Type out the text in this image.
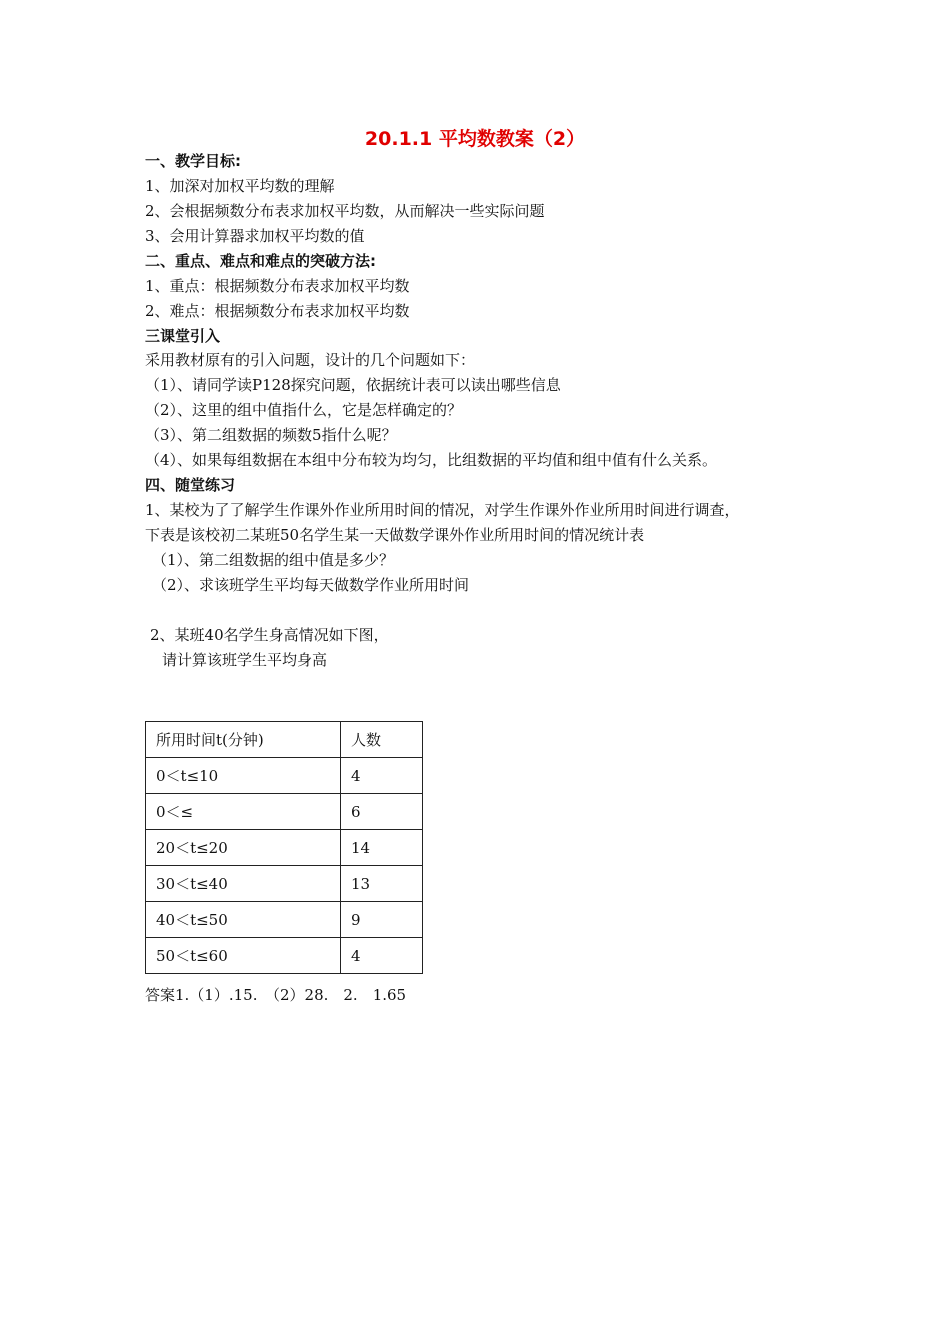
20.1.1 平均数教案（2）
一、教学目标:
1、加深对加权平均数的理解
2、会根据频数分布表求加权平均数，从而解决一些实际问题
3、会用计算器求加权平均数的值
二、重点、难点和难点的突破方法:
1、重点：根据频数分布表求加权平均数
2、难点：根据频数分布表求加权平均数
三课堂引入
采用教材原有的引入问题，设计的几个问题如下：
（1）、请同学读P128探究问题，依据统计表可以读出哪些信息
（2）、这里的组中值指什么，它是怎样确定的？
（3）、第二组数据的频数5指什么呢？
（4）、如果每组数据在本组中分布较为均匀，比组数据的平均值和组中值有什么关系。
四、随堂练习
1、某校为了了解学生作课外作业所用时间的情况，对学生作课外作业所用时间进行调查，
下表是该校初二某班50名学生某一天做数学课外作业所用时间的情况统计表
（1）、第二组数据的组中值是多少？
（2）、求该班学生平均每天做数学作业所用时间
2、某班40名学生身高情况如下图，
请计算该班学生平均身高
所用时间t(分钟)	人数
0＜t≤10	4
0＜≤	6
20＜t≤20	14
30＜t≤40	13
40＜t≤50	9
50＜t≤60	4
答案1.（1）.15.　（2）28.　2.　1.65
